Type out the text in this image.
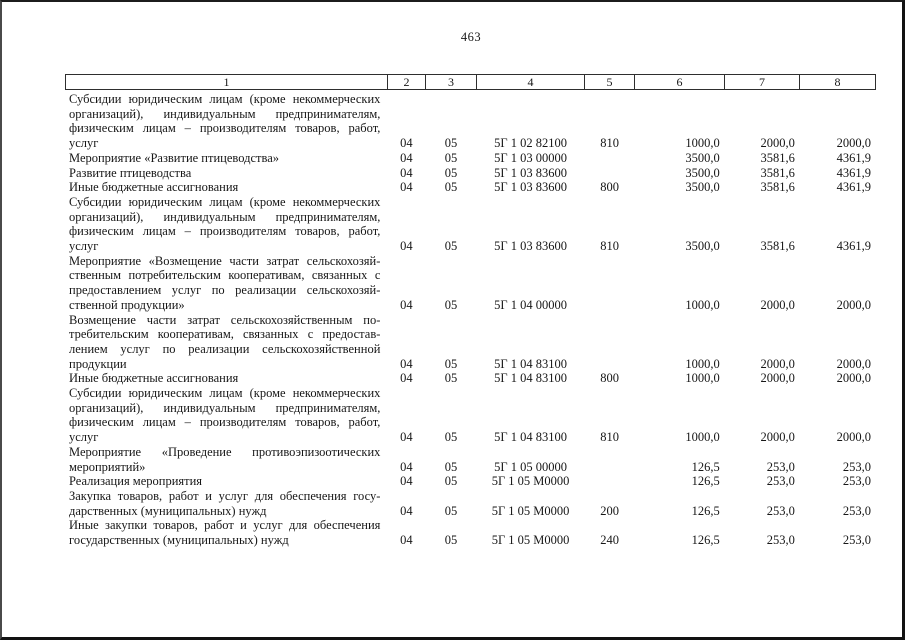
463
1	2	3	4	5	6	7	8
Субсидии юридическим лицам (кроме некоммерческих
организаций), индивидуальным предпринимателям,
физическим лицам – производителям товаров, работ,
услуг	04	05	5Г 1 02 82100	810	1000,0	2000,0	2000,0

Мероприятие «Развитие птицеводства»	04	05	5Г 1 03 00000		3500,0	3581,6	4361,9

Развитие птицеводства	04	05	5Г 1 03 83600		3500,0	3581,6	4361,9

Иные бюджетные ассигнования	04	05	5Г 1 03 83600	800	3500,0	3581,6	4361,9

Субсидии юридическим лицам (кроме некоммерческих
организаций), индивидуальным предпринимателям,
физическим лицам – производителям товаров, работ,
услуг	04	05	5Г 1 03 83600	810	3500,0	3581,6	4361,9

Мероприятие «Возмещение части затрат сельскохозяй-
ственным потребительским кооперативам, связанных с
предоставлением услуг по реализации сельскохозяй-
ственной продукции»	04	05	5Г 1 04 00000		1000,0	2000,0	2000,0

Возмещение части затрат сельскохозяйственным по-
требительским кооперативам, связанных с предостав-
лением услуг по реализации сельскохозяйственной
продукции	04	05	5Г 1 04 83100		1000,0	2000,0	2000,0

Иные бюджетные ассигнования	04	05	5Г 1 04 83100	800	1000,0	2000,0	2000,0

Субсидии юридическим лицам (кроме некоммерческих
организаций), индивидуальным предпринимателям,
физическим лицам – производителям товаров, работ,
услуг	04	05	5Г 1 04 83100	810	1000,0	2000,0	2000,0

Мероприятие «Проведение противоэпизоотических
мероприятий»	04	05	5Г 1 05 00000		126,5	253,0	253,0

Реализация мероприятия	04	05	5Г 1 05 М0000		126,5	253,0	253,0

Закупка товаров, работ и услуг для обеспечения госу-
дарственных (муниципальных) нужд	04	05	5Г 1 05 М0000	200	126,5	253,0	253,0

Иные закупки товаров, работ и услуг для обеспечения
государственных (муниципальных) нужд	04	05	5Г 1 05 М0000	240	126,5	253,0	253,0
